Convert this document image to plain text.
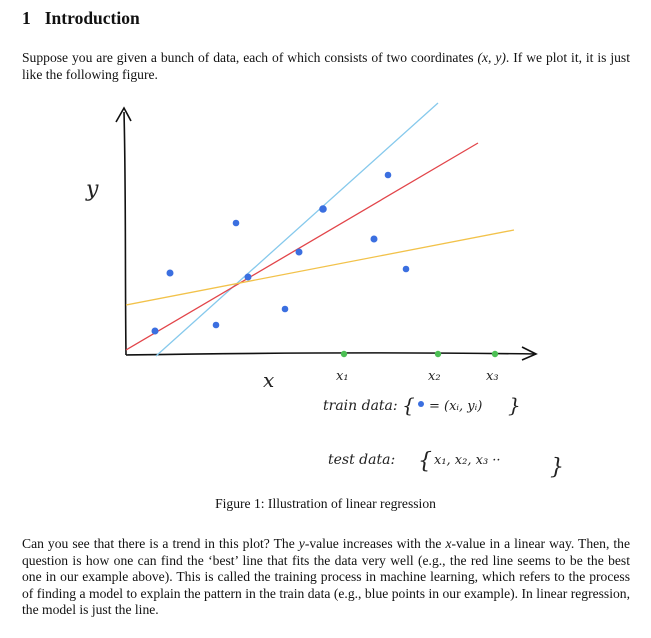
1 Introduction

Suppose you are given a bunch of data, each of which consists of two coordinates (x, y). If we plot it, it is just like the following figure.

y
x	x₁	x₂	x₃
train data: { = (xᵢ, yᵢ) }
test data: { x₁, x₂, x₃ ·· }
Figure 1: Illustration of linear regression

Can you see that there is a trend in this plot? The y-value increases with the x-value in a linear way. Then, the question is how one can find the ‘best’ line that fits the data very well (e.g., the red line seems to be the best one in our example above). This is called the training process in machine learning, which refers to the process of finding a model to explain the pattern in the train data (e.g., blue points in our example). In linear regression, the model is just the line.
